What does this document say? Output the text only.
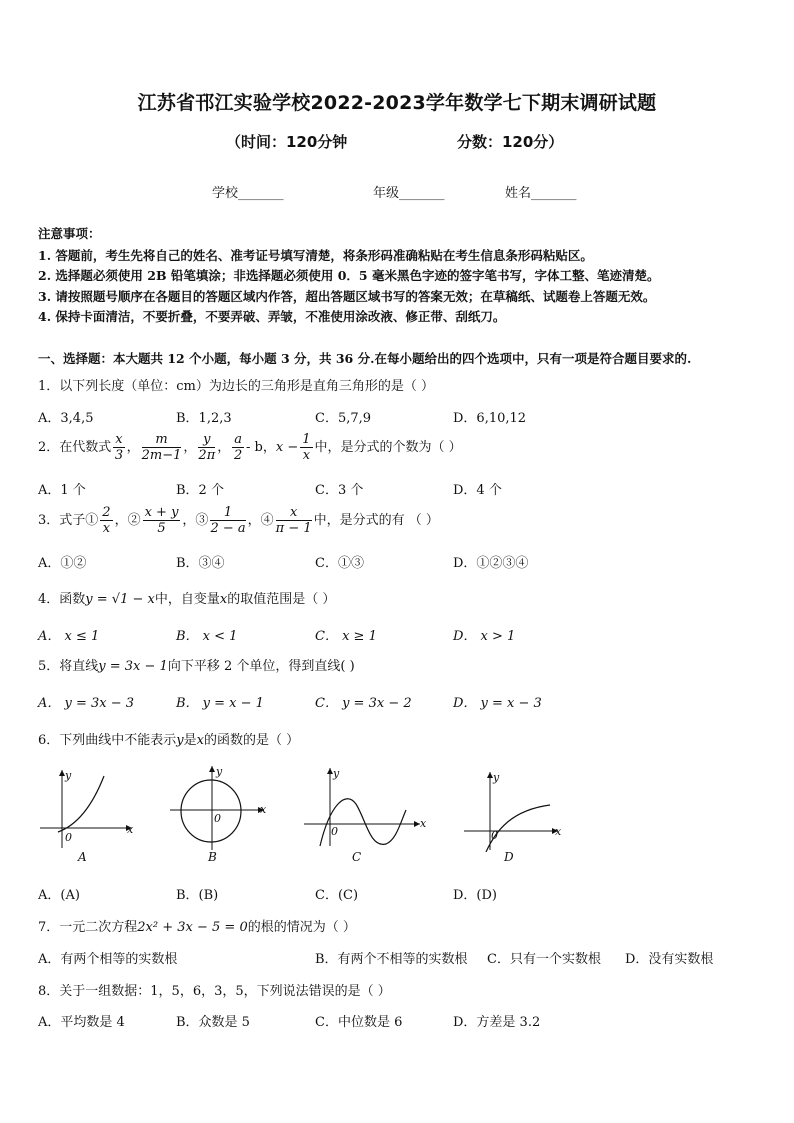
江苏省邗江实验学校2022-2023学年数学七下期末调研试题
（时间：120分钟	分数：120分）
学校_______	年级_______	姓名_______
注意事项：
1. 答题前，考生先将自己的姓名、准考证号填写清楚，将条形码准确粘贴在考生信息条形码粘贴区。
2. 选择题必须使用 2B 铅笔填涂；非选择题必须使用 0．5 毫米黑色字迹的签字笔书写，字体工整、笔迹清楚。
3. 请按照题号顺序在各题目的答题区域内作答，超出答题区域书写的答案无效；在草稿纸、试题卷上答题无效。
4. 保持卡面清洁，不要折叠，不要弄破、弄皱，不准使用涂改液、修正带、刮纸刀。
一、选择题：本大题共 12 个小题，每小题 3 分，共 36 分.在每小题给出的四个选项中，只有一项是符合题目要求的.
1．以下列长度（单位：cm）为边长的三角形是直角三角形的是（ ）
A．3,4,5	B．1,2,3	C．5,7,9	D．6,10,12
2．在代数式 $\frac{x}{3}$ ， $\frac{m}{2m-1}$ ， $\frac{y}{2\pi}$ ， $\frac{a}{2}$ - b，$x - \frac{1}{x}$ 中，是分式的个数为（ ）
A．1 个	B．2 个	C．3 个	D．4 个
3．式子① $\frac{2}{x}$ ，② $\frac{x + y}{5}$ ，③ $\frac{1}{2 - a}$ ，④ $\frac{x}{\pi - 1}$ 中，是分式的有 （ ）
A．①②	B．③④	C．①③	D．①②③④
4．函数y = √1 − x中，自变量x的取值范围是（ ）
A． x ≤ 1	B． x < 1	C． x ≥ 1	D． x > 1
5．将直线y = 3x − 1向下平移 2 个单位，得到直线( )
A． y = 3x − 3	B． y = x − 1	C． y = 3x − 2	D． y = x − 3
6．下列曲线中不能表示y是x的函数的是（ ）
x
y
0
A
x
y
0
B
x
y
0
C
x
y
0
D
A．(A)	B．(B)	C．(C)	D．(D)
7．一元二次方程2x² + 3x − 5 = 0的根的情况为（ ）
A．有两个相等的实数根	B．有两个不相等的实数根 C．只有一个实数根 D．没有实数根
8．关于一组数据：1，5，6，3，5，下列说法错误的是（ ）
A．平均数是 4	B．众数是 5	C．中位数是 6	D．方差是 3.2
